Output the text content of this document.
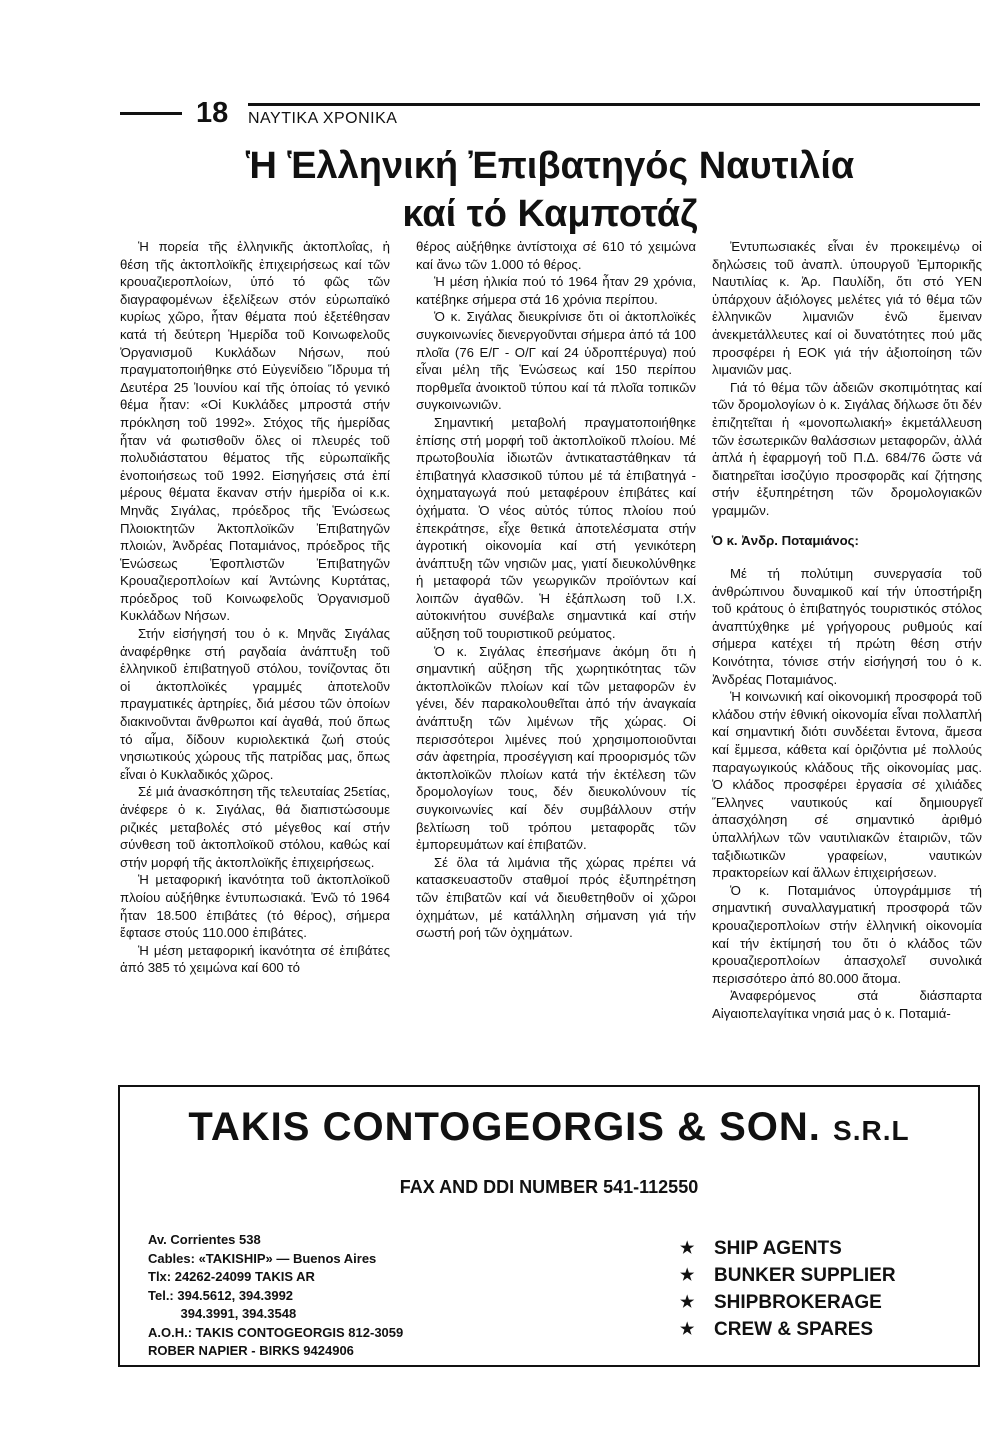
18 ΝΑΥΤΙΚΑ ΧΡΟΝΙΚΑ
Ἡ Ἑλληνική Ἐπιβατηγός Ναυτιλία
καί τό Καμποτάζ

Ἡ πορεία τῆς ἑλληνικῆς ἀκτοπλοΐας, ἡ θέση τῆς ἀκτοπλοϊκῆς ἐπιχειρήσεως καί τῶν κρουαζιεροπλοίων, ὑπό τό φῶς τῶν διαγραφομένων ἐξελίξεων στόν εὐρωπαϊκό κυρίως χῶρο, ἦταν θέματα πού ἐξετέθησαν κατά τή δεύτερη Ἡμερίδα τοῦ Κοινωφελοῦς Ὀργανισμοῦ Κυκλάδων Νήσων, πού πραγματοποιήθηκε στό Εὐγενίδειο Ἵδρυμα τή Δευτέρα 25 Ἰουνίου καί τῆς ὁποίας τό γενικό θέμα ἦταν: «Οἱ Κυκλάδες μπροστά στήν πρόκληση τοῦ 1992». Στόχος τῆς ἡμερίδας ἦταν νά φωτισθοῦν ὅλες οἱ πλευρές τοῦ πολυδιάστατου θέματος τῆς εὐρωπαϊκῆς ἑνοποιήσεως τοῦ 1992. Εἰσηγήσεις στά ἐπί μέρους θέματα ἔκαναν στήν ἡμερίδα οἱ κ.κ. Μηνᾶς Σιγάλας, πρόεδρος τῆς Ἑνώσεως Πλοιοκτητῶν Ἀκτοπλοϊκῶν Ἐπιβατηγῶν πλοιών, Ἀνδρέας Ποταμιάνος, πρόεδρος τῆς Ἑνώσεως Ἐφοπλιστῶν Ἐπιβατηγῶν Κρουαζιεροπλοίων καί Ἀντώνης Κυρτάτας, πρόεδρος τοῦ Κοινωφελοῦς Ὀργανισμοῦ Κυκλάδων Νήσων.

Στήν εἰσήγησή του ὁ κ. Μηνᾶς Σιγάλας ἀναφέρθηκε στή ραγδαία ἀνάπτυξη τοῦ ἑλληνικοῦ ἐπιβατηγοῦ στόλου, τονίζοντας ὅτι οἱ ἀκτοπλοϊκές γραμμές ἀποτελοῦν πραγματικές ἀρτηρίες, διά μέσου τῶν ὁποίων διακινοῦνται ἄνθρωποι καί ἀγαθά, πού ὅπως τό αἷμα, δίδουν κυριολεκτικά ζωή στούς νησιωτικούς χώρους τῆς πατρίδας μας, ὅπως εἶναι ὁ Κυκλαδικός χῶρος.

Σέ μιά ἀνασκόπηση τῆς τελευταίας 25ετίας, ἀνέφερε ὁ κ. Σιγάλας, θά διαπιστώσουμε ριζικές μεταβολές στό μέγεθος καί στήν σύνθεση τοῦ ἀκτοπλοϊκοῦ στόλου, καθώς καί στήν μορφή τῆς ἀκτοπλοϊκῆς ἐπιχειρήσεως.

Ἡ μεταφορική ἱκανότητα τοῦ ἀκτοπλοϊκοῦ πλοίου αὐξήθηκε ἐντυπωσιακά. Ἐνῶ τό 1964 ἦταν 18.500 ἐπιβάτες (τό θέρος), σήμερα ἔφτασε στούς 110.000 ἐπιβάτες.

Ἡ μέση μεταφορική ἱκανότητα σέ ἐπιβάτες ἀπό 385 τό χειμώνα καί 600 τό

θέρος αὐξήθηκε ἀντίστοιχα σέ 610 τό χειμώνα καί ἄνω τῶν 1.000 τό θέρος.

Ἡ μέση ἡλικία πού τό 1964 ἦταν 29 χρόνια, κατέβηκε σήμερα στά 16 χρόνια περίπου.

Ὁ κ. Σιγάλας διευκρίνισε ὅτι οἱ ἀκτοπλοϊκές συγκοινωνίες διενεργοῦνται σήμερα ἀπό τά 100 πλοῖα (76 Ε/Γ - Ο/Γ καί 24 ὑδροπτέρυγα) πού εἶναι μέλη τῆς Ἑνώσεως καί 150 περίπου πορθμεῖα ἀνοικτοῦ τύπου καί τά πλοῖα τοπικῶν συγκοινωνιῶν.

Σημαντική μεταβολή πραγματοποιήθηκε ἐπίσης στή μορφή τοῦ ἀκτοπλοϊκοῦ πλοίου. Μέ πρωτοβουλία ἰδιωτῶν ἀντικαταστάθηκαν τά ἐπιβατηγά κλασσικοῦ τύπου μέ τά ἐπιβατηγά - ὀχηματαγωγά πού μεταφέρουν ἐπιβάτες καί ὀχήματα. Ὁ νέος αὐτός τύπος πλοίου πού ἐπεκράτησε, εἶχε θετικά ἀποτελέσματα στήν ἀγροτική οἰκονομία καί στή γενικότερη ἀνάπτυξη τῶν νησιῶν μας, γιατί διευκολύνθηκε ἡ μεταφορά τῶν γεωργικῶν προϊόντων καί λοιπῶν ἀγαθῶν. Ἡ ἐξάπλωση τοῦ Ι.Χ. αὐτοκινήτου συνέβαλε σημαντικά καί στήν αὔξηση τοῦ τουριστικοῦ ρεύματος.

Ὁ κ. Σιγάλας ἐπεσήμανε ἀκόμη ὅτι ἡ σημαντική αὔξηση τῆς χωρητικότητας τῶν ἀκτοπλοϊκῶν πλοίων καί τῶν μεταφορῶν ἐν γένει, δέν παρακολουθεῖται ἀπό τήν ἀναγκαία ἀνάπτυξη τῶν λιμένων τῆς χώρας. Οἱ περισσότεροι λιμένες πού χρησιμοποιοῦνται σάν ἀφετηρία, προσέγγιση καί προορισμός τῶν ἀκτοπλοϊκῶν πλοίων κατά τήν ἐκτέλεση τῶν δρομολογίων τους, δέν διευκολύνουν τίς συγκοινωνίες καί δέν συμβάλλουν στήν βελτίωση τοῦ τρόπου μεταφορᾶς τῶν ἐμπορευμάτων καί ἐπιβατῶν.

Σέ ὅλα τά λιμάνια τῆς χώρας πρέπει νά κατασκευαστοῦν σταθμοί πρός ἐξυπηρέτηση τῶν ἐπιβατῶν καί νά διευθετηθοῦν οἱ χῶροι ὀχημάτων, μέ κατάλληλη σήμανση γιά τήν σωστή ροή τῶν ὀχημάτων.

Ἐντυπωσιακές εἶναι ἐν προκειμένῳ οἱ δηλώσεις τοῦ ἀναπλ. ὑπουργοῦ Ἐμπορικῆς Ναυτιλίας κ. Ἀρ. Παυλίδη, ὅτι στό ΥΕΝ ὑπάρχουν ἀξιόλογες μελέτες γιά τό θέμα τῶν ἑλληνικῶν λιμανιῶν ἐνῶ ἔμειναν ἀνεκμετάλλευτες καί οἱ δυνατότητες πού μᾶς προσφέρει ἡ ΕΟΚ γιά τήν ἀξιοποίηση τῶν λιμανιῶν μας.

Γιά τό θέμα τῶν ἀδειῶν σκοπιμότητας καί τῶν δρομολογίων ὁ κ. Σιγάλας δήλωσε ὅτι δέν ἐπιζητεῖται ἡ «μονοπωλιακή» ἐκμετάλλευση τῶν ἐσωτερικῶν θαλάσσιων μεταφορῶν, ἀλλά ἁπλά ἡ ἐφαρμογή τοῦ Π.Δ. 684/76 ὥστε νά διατηρεῖται ἰσοζύγιο προσφορᾶς καί ζήτησης στήν ἐξυπηρέτηση τῶν δρομολογιακῶν γραμμῶν.

Ὁ κ. Ἀνδρ. Ποταμιάνος:

Μέ τή πολύτιμη συνεργασία τοῦ ἀνθρώπινου δυναμικοῦ καί τήν ὑποστήριξη τοῦ κράτους ὁ ἐπιβατηγός τουριστικός στόλος ἀναπτύχθηκε μέ γρήγορους ρυθμούς καί σήμερα κατέχει τή πρώτη θέση στήν Κοινότητα, τόνισε στήν εἰσήγησή του ὁ κ. Ἀνδρέας Ποταμιάνος.

Ἡ κοινωνική καί οἰκονομική προσφορά τοῦ κλάδου στήν ἐθνική οἰκονομία εἶναι πολλαπλή καί σημαντική διότι συνδέεται ἔντονα, ἄμεσα καί ἔμμεσα, κάθετα καί ὁριζόντια μέ πολλούς παραγωγικούς κλάδους τῆς οἰκονομίας μας. Ὁ κλάδος προσφέρει ἐργασία σέ χιλιάδες Ἕλληνες ναυτικούς καί δημιουργεῖ ἀπασχόληση σέ σημαντικό ἀριθμό ὑπαλλήλων τῶν ναυτιλιακῶν ἑταιριῶν, τῶν ταξιδιωτικῶν γραφείων, ναυτικών πρακτορείων καί ἄλλων ἐπιχειρήσεων.

Ὁ κ. Ποταμιάνος ὑπογράμμισε τή σημαντική συναλλαγματική προσφορά τῶν κρουαζιεροπλοίων στήν ἑλληνική οἰκονομία καί τήν ἐκτίμησή του ὅτι ὁ κλάδος τῶν κρουαζιεροπλοίων ἀπασχολεῖ συνολικά περισσότερο ἀπό 80.000 ἄτομα.

Ἀναφερόμενος στά διάσπαρτα Αἰγαιοπελαγίτικα νησιά μας ὁ κ. Ποταμιά-

TAKIS CONTOGEORGIS & SON. S.R.L
FAX AND DDI NUMBER 541-112550
Av. Corrientes 538
Cables: «TAKISHIP» — Buenos Aires
Tlx: 24262-24099 TAKIS AR
Tel.: 394.5612, 394.3992
394.3991, 394.3548
A.O.H.: TAKIS CONTOGEORGIS 812-3059
ROBER NAPIER - BIRKS 9424906
★	SHIP AGENTS
★	BUNKER SUPPLIER
★	SHIPBROKERAGE
★	CREW & SPARES
